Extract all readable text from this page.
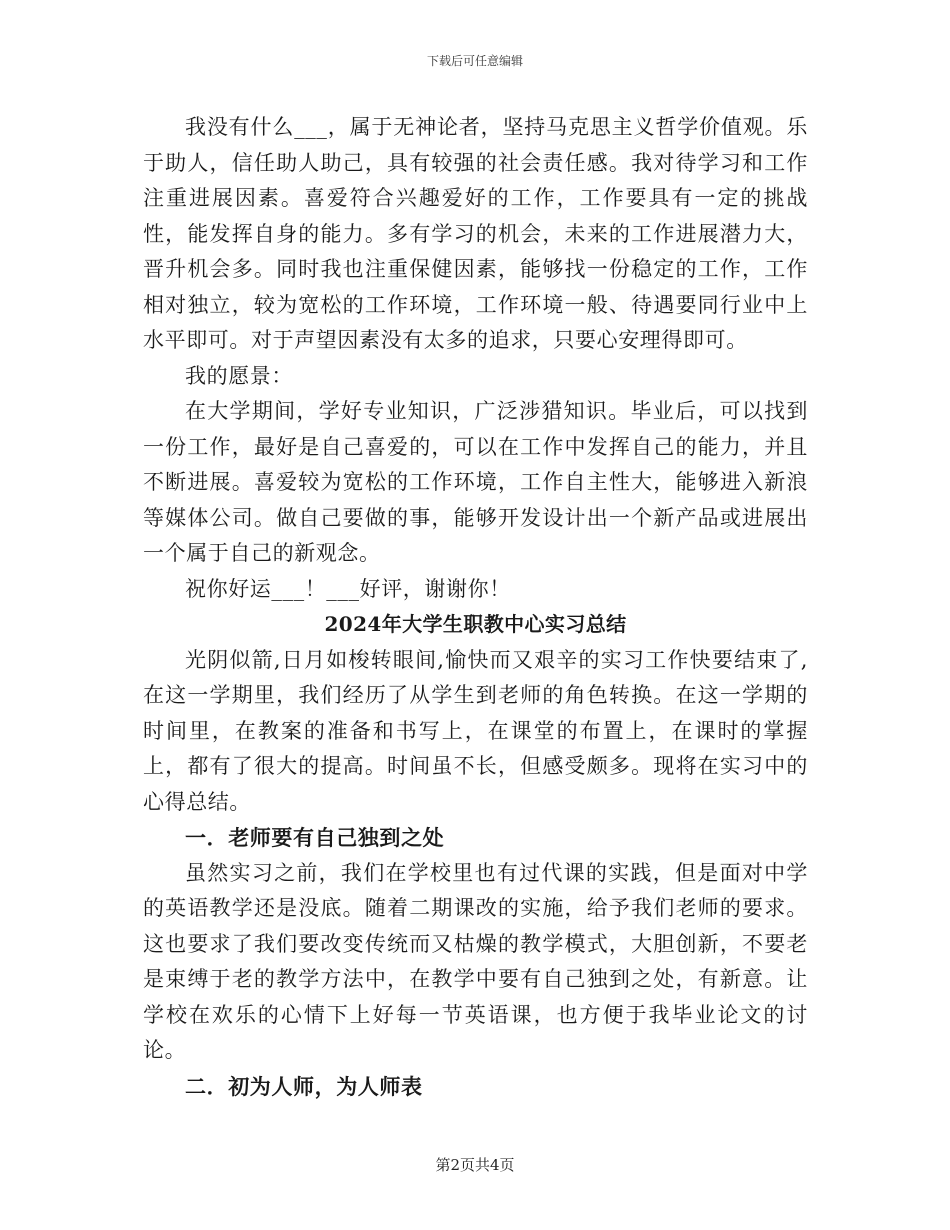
下载后可任意编辑

我没有什么___，属于无神论者，坚持马克思主义哲学价值观。乐于助人，信任助人助己，具有较强的社会责任感。我对待学习和工作注重进展因素。喜爱符合兴趣爱好的工作，工作要具有一定的挑战性，能发挥自身的能力。多有学习的机会，未来的工作进展潜力大，晋升机会多。同时我也注重保健因素，能够找一份稳定的工作，工作相对独立，较为宽松的工作环境，工作环境一般、待遇要同行业中上水平即可。对于声望因素没有太多的追求，只要心安理得即可。

我的愿景：

在大学期间，学好专业知识，广泛涉猎知识。毕业后，可以找到一份工作，最好是自己喜爱的，可以在工作中发挥自己的能力，并且不断进展。喜爱较为宽松的工作环境，工作自主性大，能够进入新浪等媒体公司。做自己要做的事，能够开发设计出一个新产品或进展出一个属于自己的新观念。

祝你好运___！___好评，谢谢你！

2024年大学生职教中心实习总结

光阴似箭,日月如梭转眼间,愉快而又艰辛的实习工作快要结束了,在这一学期里，我们经历了从学生到老师的角色转换。在这一学期的时间里，在教案的准备和书写上，在课堂的布置上，在课时的掌握上，都有了很大的提高。时间虽不长，但感受颇多。现将在实习中的心得总结。

一．老师要有自己独到之处

虽然实习之前，我们在学校里也有过代课的实践，但是面对中学的英语教学还是没底。随着二期课改的实施，给予我们老师的要求。这也要求了我们要改变传统而又枯燥的教学模式，大胆创新，不要老是束缚于老的教学方法中，在教学中要有自己独到之处，有新意。让学校在欢乐的心情下上好每一节英语课，也方便于我毕业论文的讨论。

二．初为人师，为人师表
第2页共4页
